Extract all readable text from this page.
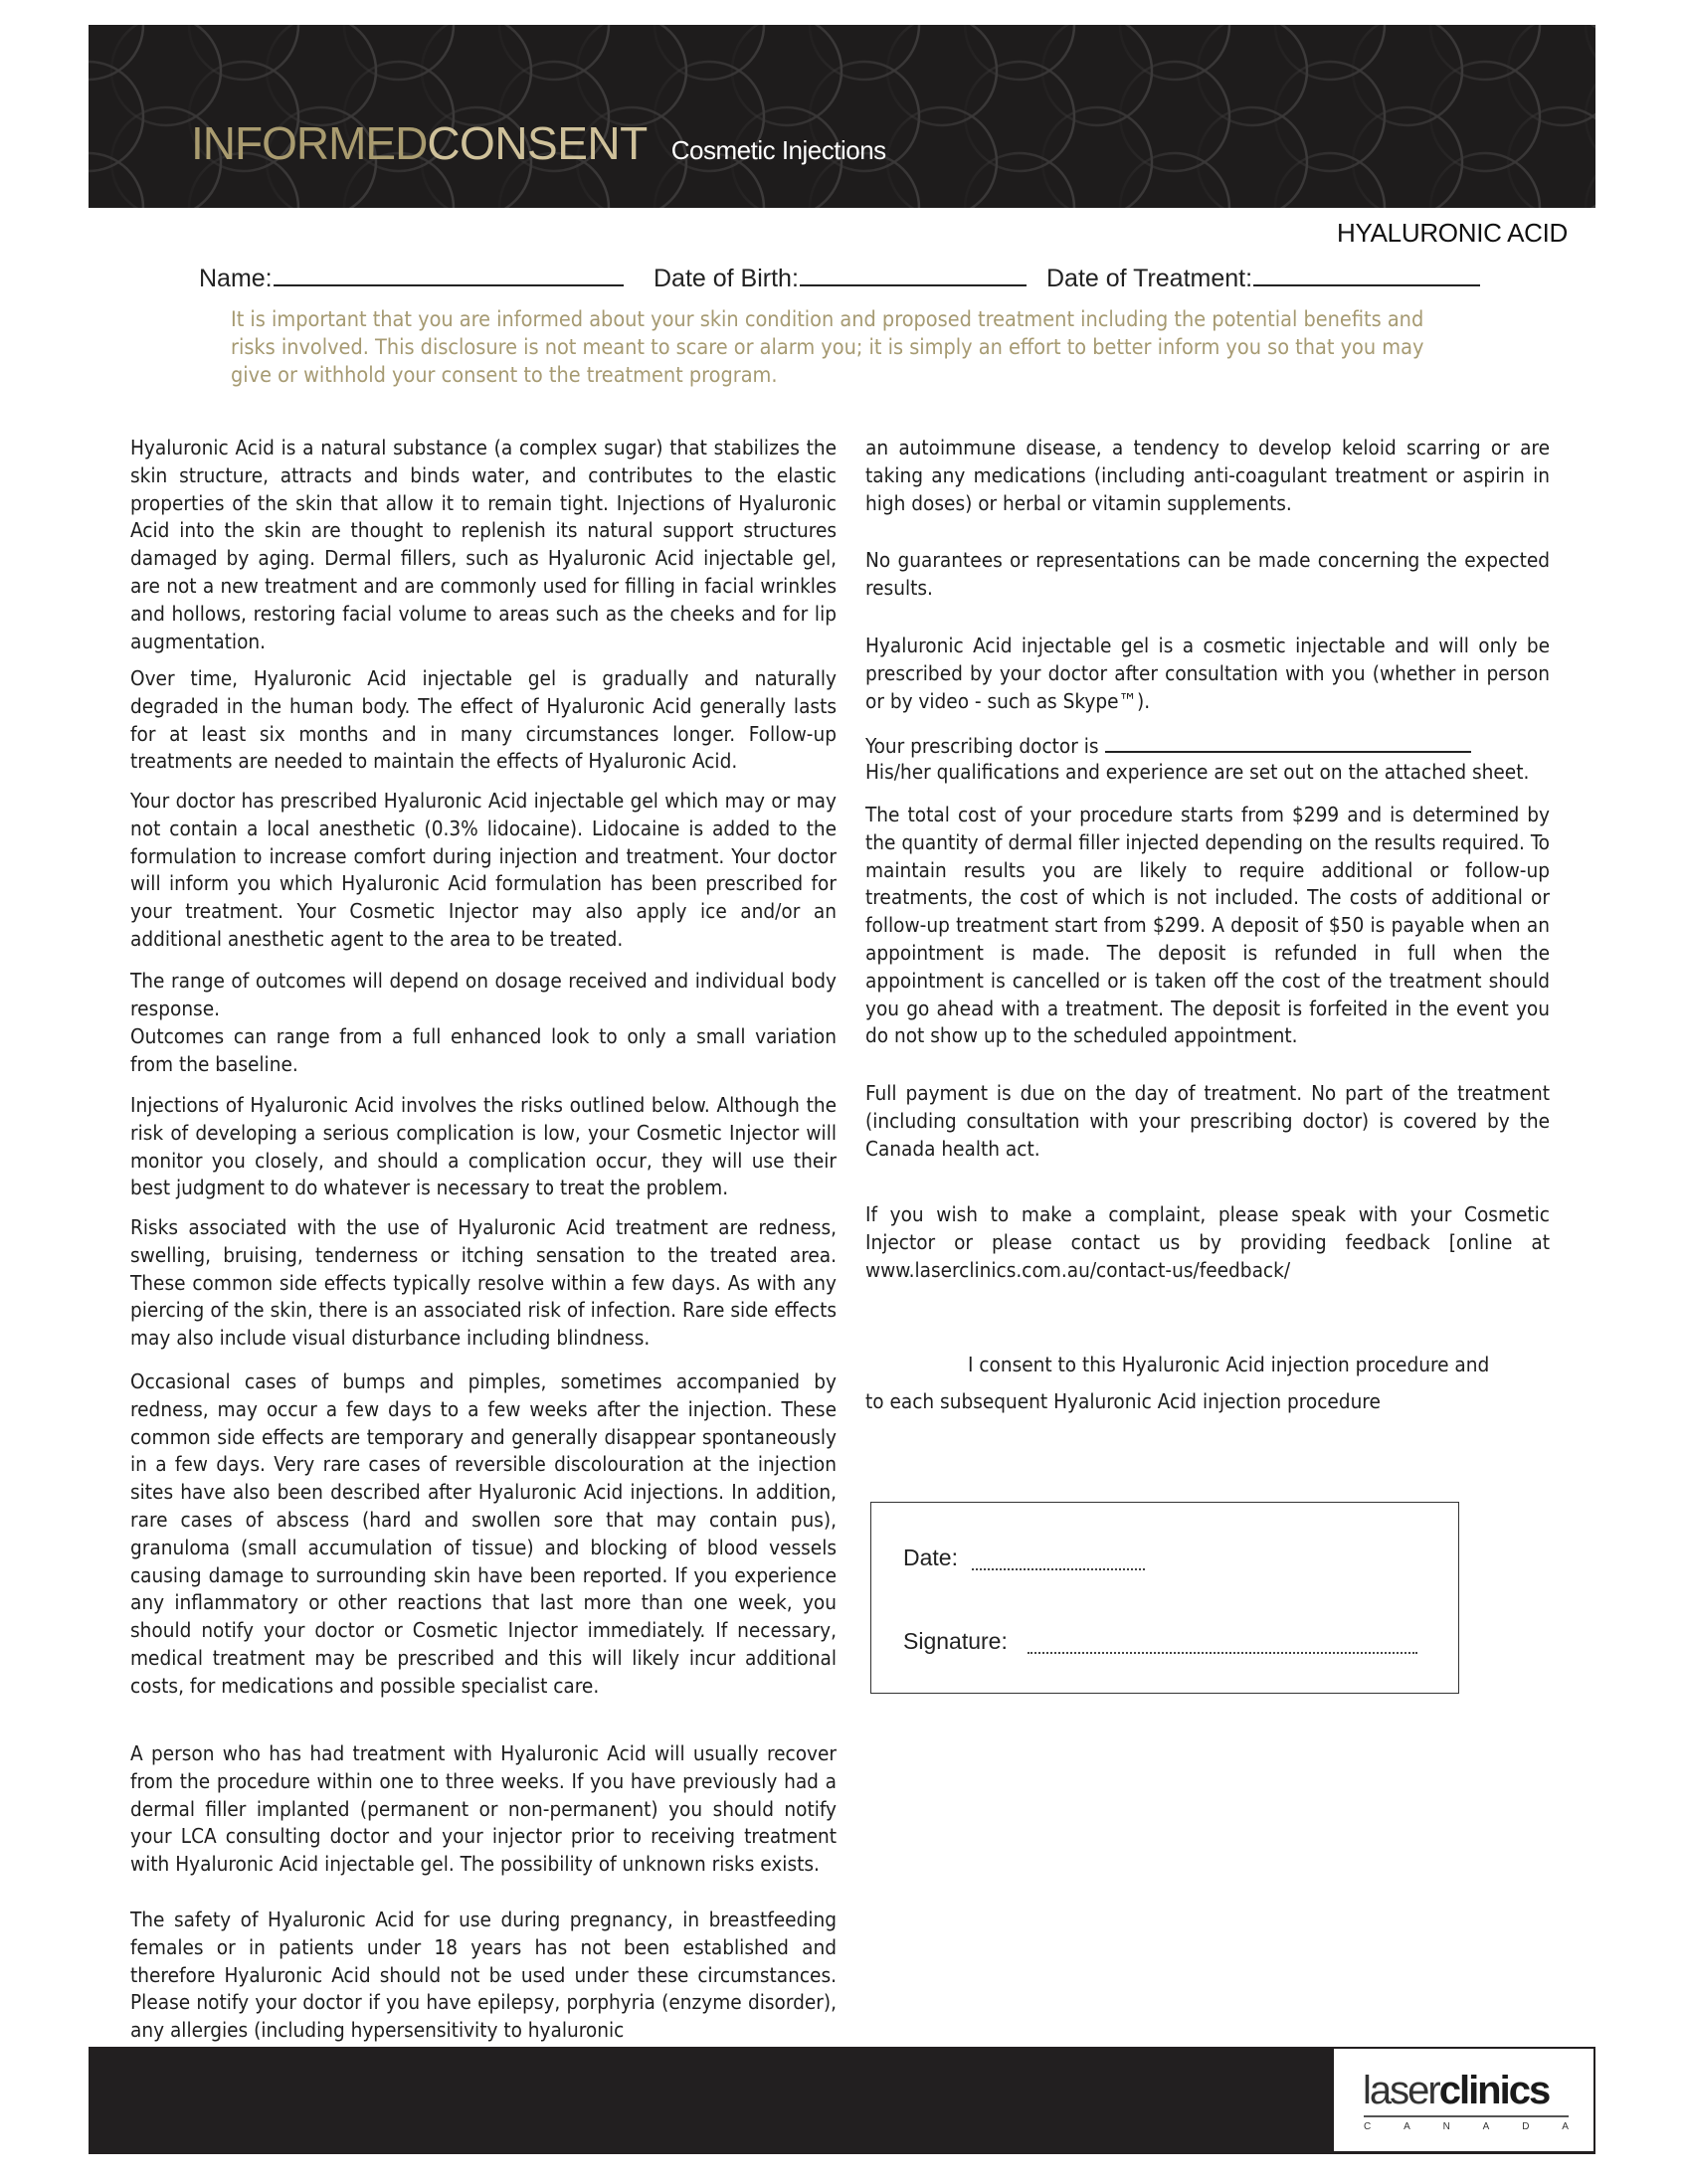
INFORMED CONSENT Cosmetic Injections
HYALURONIC ACID
Name:	Date of Birth:	Date of Treatment:
It is important that you are informed about your skin condition and proposed treatment including the potential benefits and risks involved. This disclosure is not meant to scare or alarm you; it is simply an effort to better inform you so that you may give or withhold your consent to the treatment program.

Hyaluronic Acid is a natural substance (a complex sugar) that stabilizes the skin structure, attracts and binds water, and contributes to the elastic properties of the skin that allow it to remain tight. Injections of Hyaluronic Acid into the skin are thought to replenish its natural support structures damaged by aging. Dermal fillers, such as Hyaluronic Acid injectable gel, are not a new treatment and are commonly used for filling in facial wrinkles and hollows, restoring facial volume to areas such as the cheeks and for lip augmentation.

Over time, Hyaluronic Acid injectable gel is gradually and naturally degraded in the human body. The effect of Hyaluronic Acid generally lasts for at least six months and in many circumstances longer. Follow-up treatments are needed to maintain the effects of Hyaluronic Acid.

Your doctor has prescribed Hyaluronic Acid injectable gel which may or may not contain a local anesthetic (0.3% lidocaine). Lidocaine is added to the formulation to increase comfort during injection and treatment. Your doctor will inform you which Hyaluronic Acid formulation has been prescribed for your treatment. Your Cosmetic Injector may also apply ice and/or an additional anesthetic agent to the area to be treated.

The range of outcomes will depend on dosage received and individual body response.

Outcomes can range from a full enhanced look to only a small variation from the baseline.

Injections of Hyaluronic Acid involves the risks outlined below. Although the risk of developing a serious complication is low, your Cosmetic Injector will monitor you closely, and should a complication occur, they will use their best judgment to do whatever is necessary to treat the problem.

Risks associated with the use of Hyaluronic Acid treatment are redness, swelling, bruising, tenderness or itching sensation to the treated area. These common side effects typically resolve within a few days. As with any piercing of the skin, there is an associated risk of infection. Rare side effects may also include visual disturbance including blindness.

Occasional cases of bumps and pimples, sometimes accompanied by redness, may occur a few days to a few weeks after the injection. These common side effects are temporary and generally disappear spontaneously in a few days. Very rare cases of reversible discolouration at the injection sites have also been described after Hyaluronic Acid injections. In addition, rare cases of abscess (hard and swollen sore that may contain pus), granuloma (small accumulation of tissue) and blocking of blood vessels causing damage to surrounding skin have been reported. If you experience any inflammatory or other reactions that last more than one week, you should notify your doctor or Cosmetic Injector immediately. If necessary, medical treatment may be prescribed and this will likely incur additional costs, for medications and possible specialist care.

A person who has had treatment with Hyaluronic Acid will usually recover from the procedure within one to three weeks. If you have previously had a dermal filler implanted (permanent or non-permanent) you should notify your LCA consulting doctor and your injector prior to receiving treatment with Hyaluronic Acid injectable gel. The possibility of unknown risks exists.

The safety of Hyaluronic Acid for use during pregnancy, in breastfeeding females or in patients under 18 years has not been established and therefore Hyaluronic Acid should not be used under these circumstances. Please notify your doctor if you have epilepsy, porphyria (enzyme disorder), any allergies (including hypersensitivity to hyaluronic

an autoimmune disease, a tendency to develop keloid scarring or are taking any medications (including anti-coagulant treatment or aspirin in high doses) or herbal or vitamin supplements.

No guarantees or representations can be made concerning the expected results.

Hyaluronic Acid injectable gel is a cosmetic injectable and will only be prescribed by your doctor after consultation with you (whether in person or by video - such as Skype™).

Your prescribing doctor is

His/her qualifications and experience are set out on the attached sheet.

The total cost of your procedure starts from $299 and is determined by the quantity of dermal filler injected depending on the results required. To maintain results you are likely to require additional or follow-up treatments, the cost of which is not included. The costs of additional or follow-up treatment start from $299. A deposit of $50 is payable when an appointment is made. The deposit is refunded in full when the appointment is cancelled or is taken off the cost of the treatment should you go ahead with a treatment. The deposit is forfeited in the event you do not show up to the scheduled appointment.

Full payment is due on the day of treatment. No part of the treatment (including consultation with your prescribing doctor) is covered by the Canada health act.

If you wish to make a complaint, please speak with your Cosmetic Injector or please contact us by providing feedback [online at www.laserclinics.com.au/contact-us/feedback/

I consent to this Hyaluronic Acid injection procedure and

to each subsequent Hyaluronic Acid injection procedure

Date:
Signature:
laserclinics
C	A	N	A	D	A
